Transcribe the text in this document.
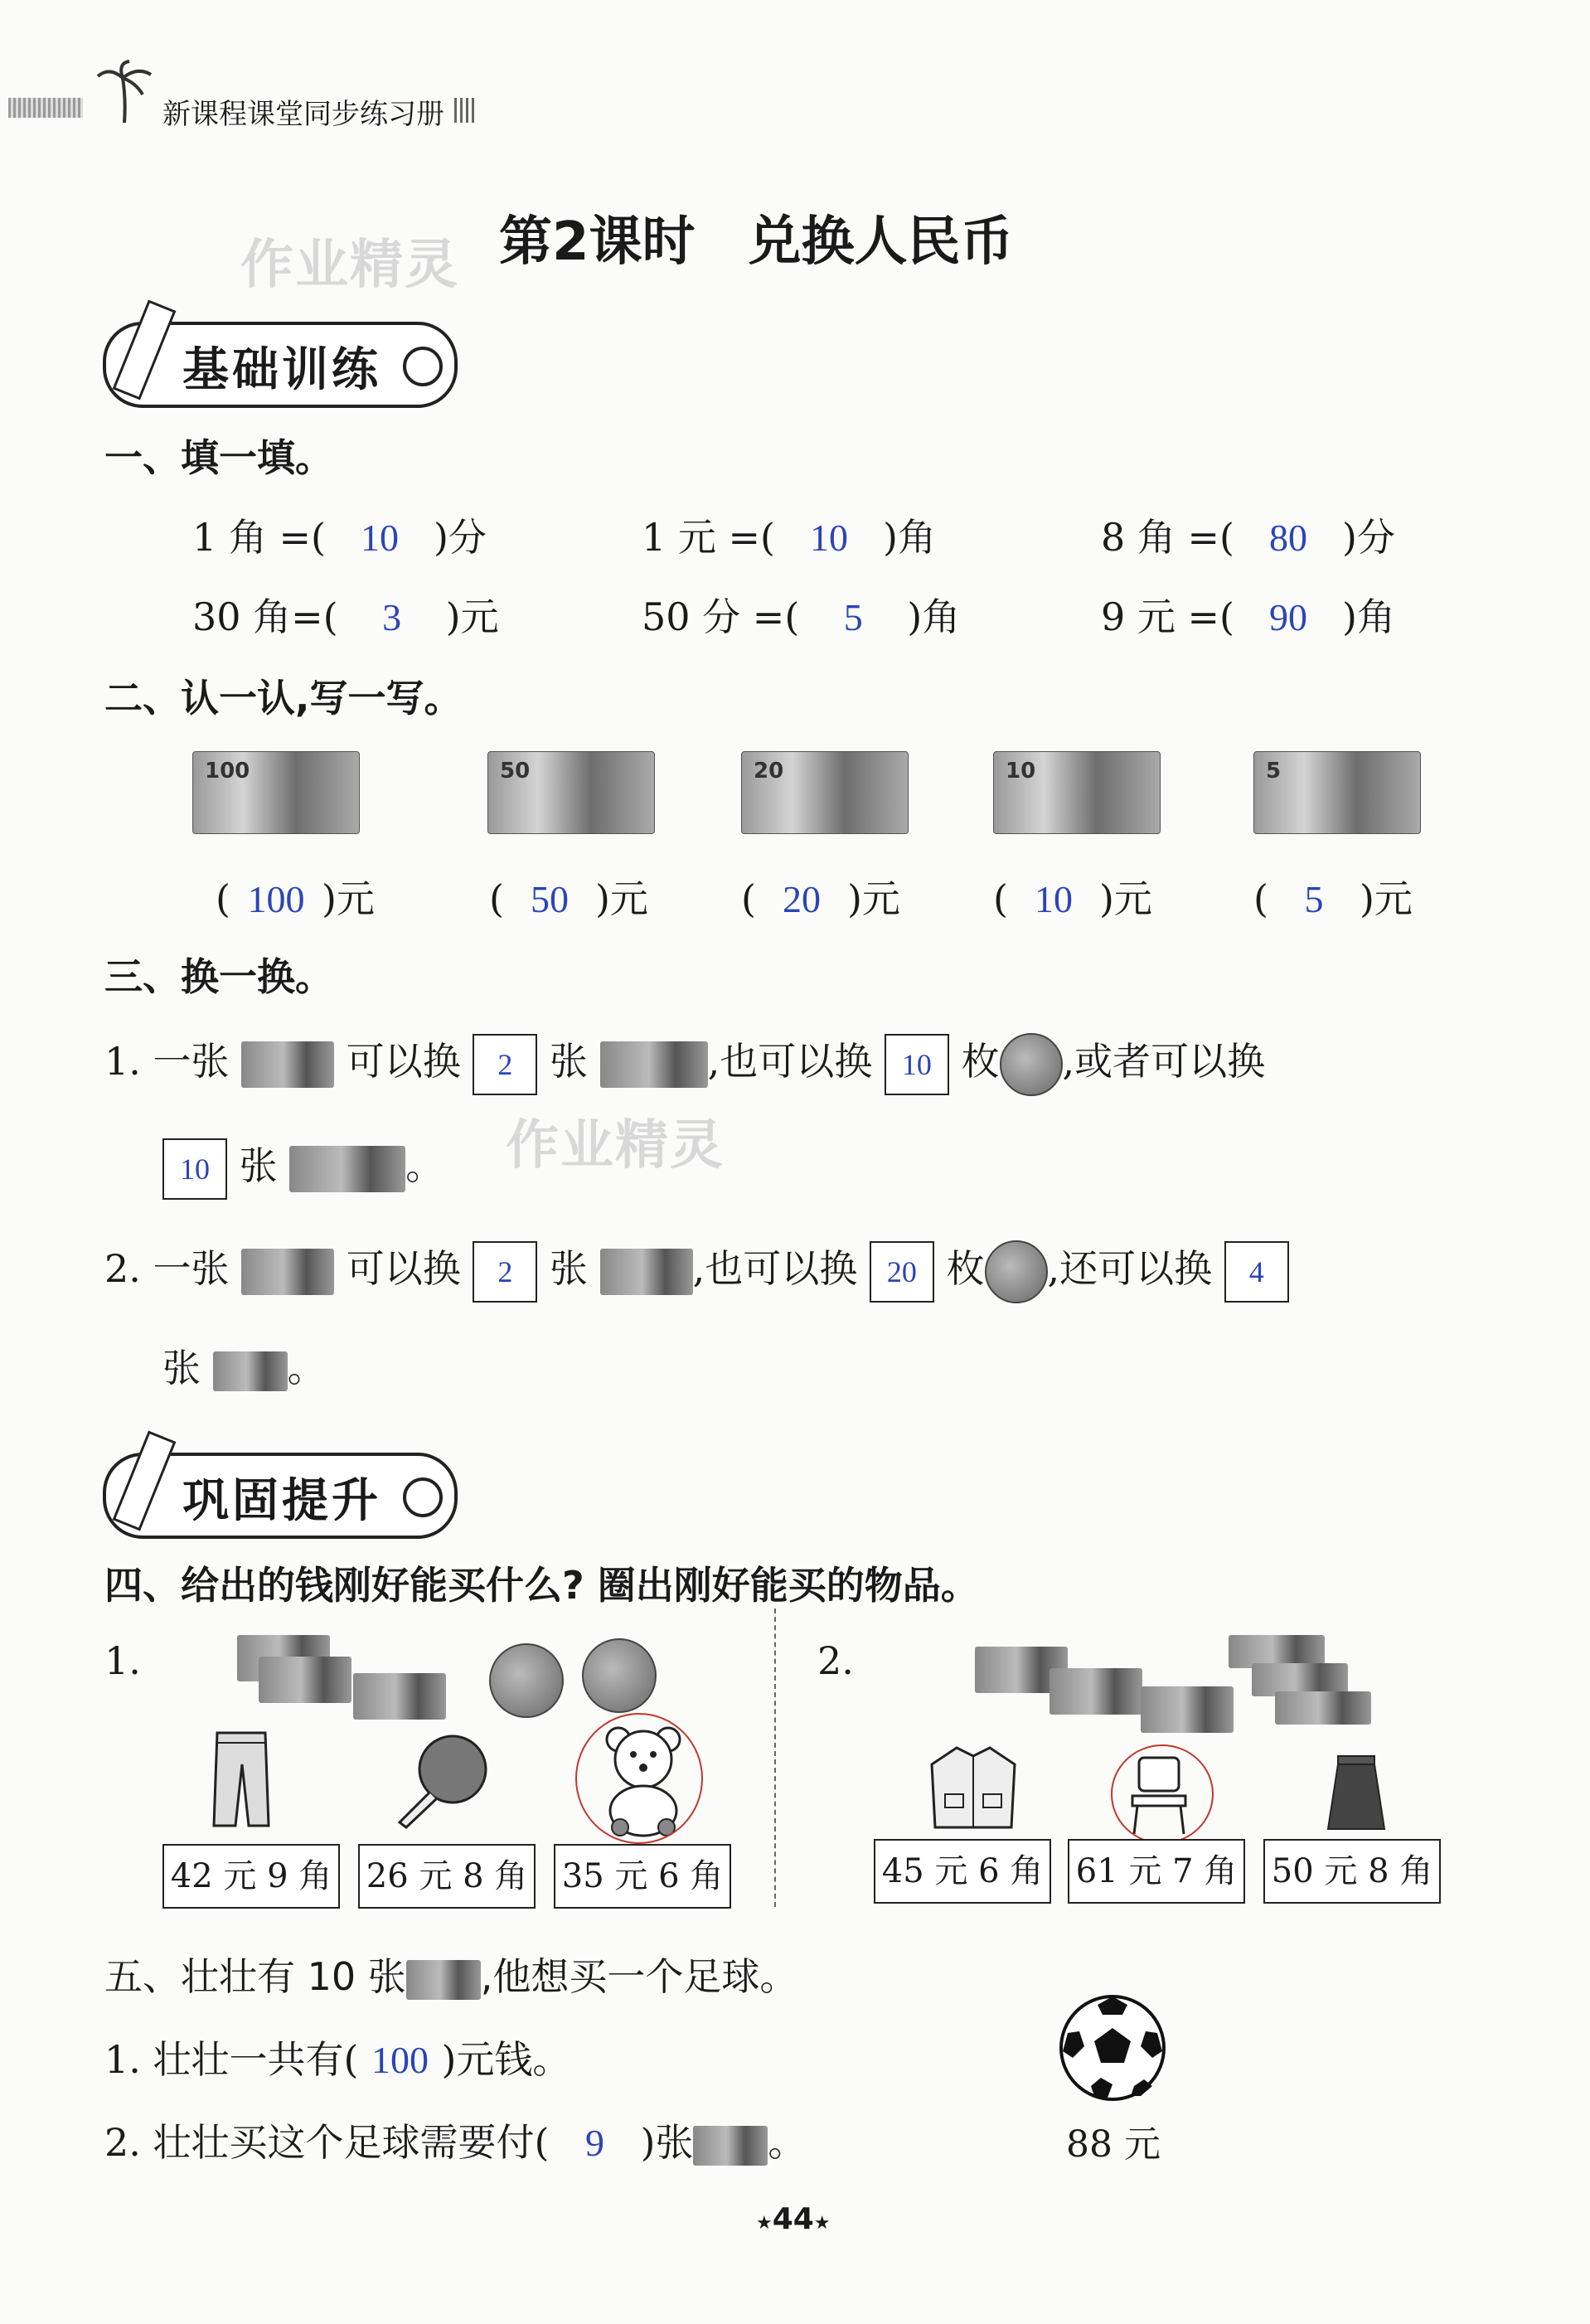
新课程课堂同步练习册
作业精灵 第2课时　兑换人民币
基础训练
一、填一填。
1 角 =( 10 )分	1 元 =( 10 )角	8 角 =( 80 )分
30 角=( 3 )元	50 分 =( 5 )角	9 元 =( 90 )角
二、认一认,写一写。
100	50	20	10	5
( 100 )元	( 50 )元 ( 20 )元 ( 10 )元	( 5 )元
三、换一换。
1. 一张	可以换 2 张	,也可以换 10 枚 ,或者可以换
10 张	。 作业精灵
2. 一张	可以换 2 张	,也可以换 20 枚 ,还可以换 4
张 。
巩固提升
四、给出的钱刚好能买什么? 圈出刚好能买的物品。
1.
42 元 9 角 26 元 8 角 35 元 6 角
2.
45 元 6 角 61 元 7 角 50 元 8 角
五、壮壮有 10 张 ,他想买一个足球。
1. 壮壮一共有( 100 )元钱。
2. 壮壮买这个足球需要付( 9 )张 。	88 元
★44★
